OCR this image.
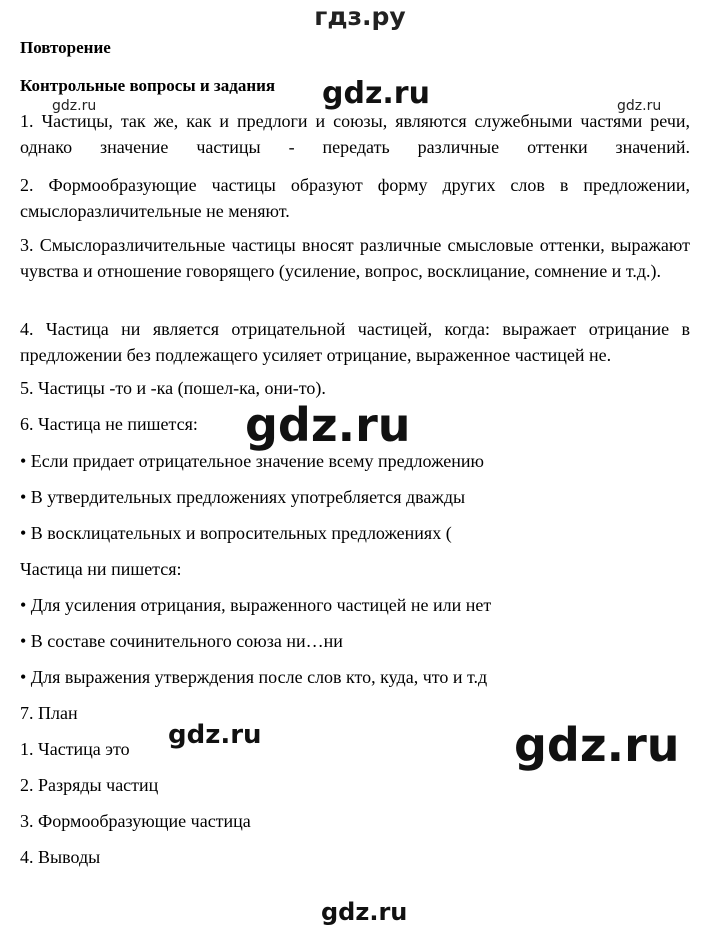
гдз.ру
Повторение
Контрольные вопросы и задания
1. Частицы, так же, как и предлоги и союзы, являются служебными частями речи, однако значение частицы - передать различные оттенки значений.
2. Формообразующие частицы образуют форму других слов в предложении, смыслоразличительные не меняют.
3. Смыслоразличительные частицы вносят различные смысловые оттенки, выражают чувства и отношение говорящего (усиление, вопрос, восклицание, сомнение и т.д.).
4. Частица ни является отрицательной частицей, когда: выражает отрицание в предложении без подлежащего усиляет отрицание, выраженное частицей не.
5. Частицы -то и -ка (пошел-ка, они-то).
6. Частица не пишется:
• Если придает отрицательное значение всему предложению
• В утвердительных предложениях употребляется дважды
• В восклицательных и вопросительных предложениях (
Частица ни пишется:
• Для усиления отрицания, выраженного частицей не или нет
• В составе сочинительного союза ни…ни
• Для выражения утверждения после слов кто, куда, что и т.д
7. План
1. Частица это
2. Разряды частиц
3. Формообразующие частица
4. Выводы
gdz.ru
gdz.ru	gdz.ru
gdz.ru
gdz.ru	gdz.ru
gdz.ru
